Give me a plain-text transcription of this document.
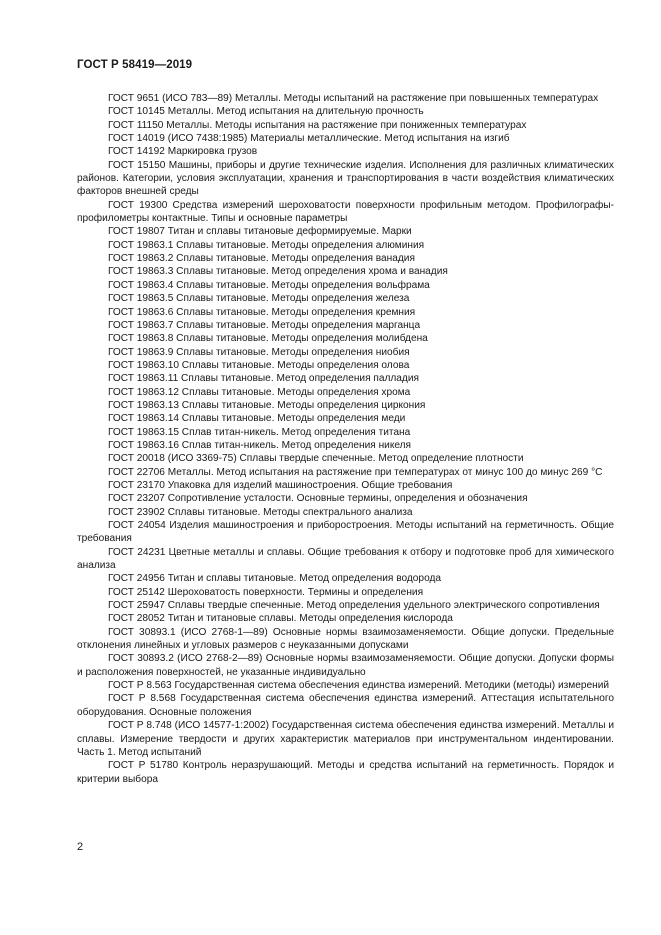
ГОСТ Р 58419—2019

ГОСТ 9651 (ИСО 783—89) Металлы. Методы испытаний на растяжение при повышенных температурах

ГОСТ 10145 Металлы. Метод испытания на длительную прочность

ГОСТ 11150 Металлы. Методы испытания на растяжение при пониженных температурах

ГОСТ 14019 (ИСО 7438:1985) Материалы металлические. Метод испытания на изгиб

ГОСТ 14192 Маркировка грузов

ГОСТ 15150 Машины, приборы и другие технические изделия. Исполнения для различных климатических районов. Категории, условия эксплуатации, хранения и транспортирования в части воздействия климатических факторов внешней среды

ГОСТ 19300 Средства измерений шероховатости поверхности профильным методом. Профилографы-профилометры контактные. Типы и основные параметры

ГОСТ 19807 Титан и сплавы титановые деформируемые. Марки

ГОСТ 19863.1 Сплавы титановые. Методы определения алюминия

ГОСТ 19863.2 Сплавы титановые. Методы определения ванадия

ГОСТ 19863.3 Сплавы титановые. Метод определения хрома и ванадия

ГОСТ 19863.4 Сплавы титановые. Методы определения вольфрама

ГОСТ 19863.5 Сплавы титановые. Методы определения железа

ГОСТ 19863.6 Сплавы титановые. Методы определения кремния

ГОСТ 19863.7 Сплавы титановые. Методы определения марганца

ГОСТ 19863.8 Сплавы титановые. Методы определения молибдена

ГОСТ 19863.9 Сплавы титановые. Методы определения ниобия

ГОСТ 19863.10 Сплавы титановые. Методы определения олова

ГОСТ 19863.11 Сплавы титановые. Метод определения палладия

ГОСТ 19863.12 Сплавы титановые. Методы определения хрома

ГОСТ 19863.13 Сплавы титановые. Методы определения циркония

ГОСТ 19863.14 Сплавы титановые. Методы определения меди

ГОСТ 19863.15 Сплав титан-никель. Метод определения титана

ГОСТ 19863.16 Сплав титан-никель. Метод определения никеля

ГОСТ 20018 (ИСО 3369-75) Сплавы твердые спеченные. Метод определение плотности

ГОСТ 22706 Металлы. Метод испытания на растяжение при температурах от минус 100 до минус 269 °С

ГОСТ 23170 Упаковка для изделий машиностроения. Общие требования

ГОСТ 23207 Сопротивление усталости. Основные термины, определения и обозначения

ГОСТ 23902 Сплавы титановые. Методы спектрального анализа

ГОСТ 24054 Изделия машиностроения и приборостроения. Методы испытаний на герметичность. Общие требования

ГОСТ 24231 Цветные металлы и сплавы. Общие требования к отбору и подготовке проб для химического анализа

ГОСТ 24956 Титан и сплавы титановые. Метод определения водорода

ГОСТ 25142 Шероховатость поверхности. Термины и определения

ГОСТ 25947 Сплавы твердые спеченные. Метод определения удельного электрического сопротивления

ГОСТ 28052 Титан и титановые сплавы. Методы определения кислорода

ГОСТ 30893.1 (ИСО 2768-1—89) Основные нормы взаимозаменяемости. Общие допуски. Предельные отклонения линейных и угловых размеров с неуказанными допусками

ГОСТ 30893.2 (ИСО 2768-2—89) Основные нормы взаимозаменяемости. Общие допуски. Допуски формы и расположения поверхностей, не указанные индивидуально

ГОСТ Р 8.563 Государственная система обеспечения единства измерений. Методики (методы) измерений

ГОСТ Р 8.568 Государственная система обеспечения единства измерений. Аттестация испытательного оборудования. Основные положения

ГОСТ Р 8.748 (ИСО 14577-1:2002) Государственная система обеспечения единства измерений. Металлы и сплавы. Измерение твердости и других характеристик материалов при инструментальном индентировании. Часть 1. Метод испытаний

ГОСТ Р 51780 Контроль неразрушающий. Методы и средства испытаний на герметичность. Порядок и критерии выбора

2
